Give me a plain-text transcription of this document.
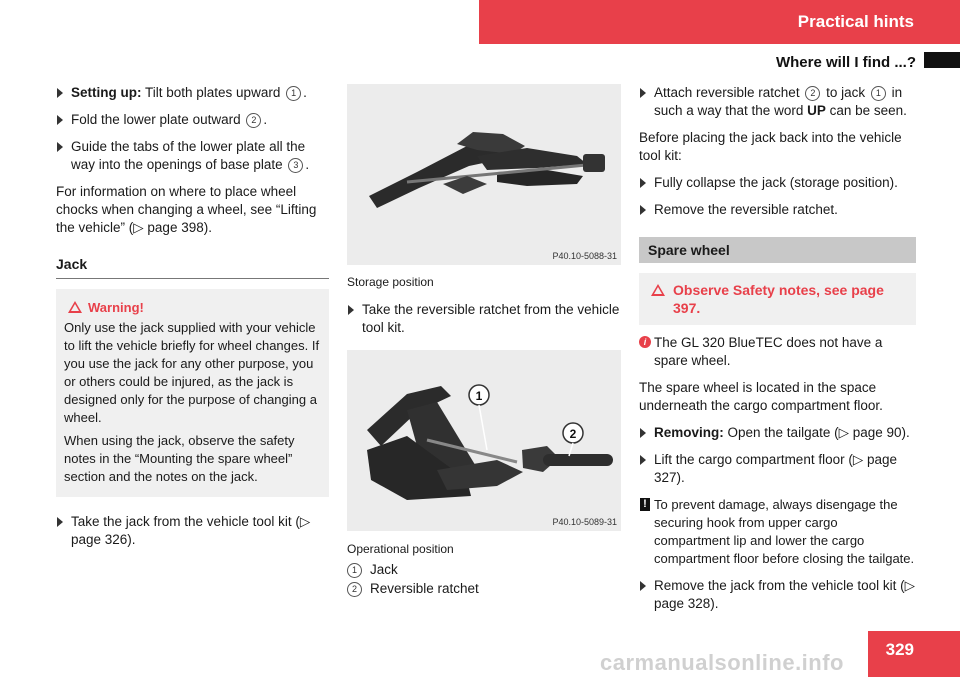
Practical hints
Where will I find ...?
Setting up: Tilt both plates upward 1 .
Fold the lower plate outward 2 .
Guide the tabs of the lower plate all the way into the openings of base plate 3 .

For information on where to place wheel chocks when changing a wheel, see “Lifting the vehicle” (▷ page 398).

Jack
Warning!

Only use the jack supplied with your vehicle to lift the vehicle briefly for wheel changes. If you use the jack for any other purpose, you or others could be injured, as the jack is designed only for the purpose of changing a wheel.

When using the jack, observe the safety notes in the “Mounting the spare wheel” section and the notes on the jack.

Take the jack from the vehicle tool kit (▷ page 326).
P40.10-5088-31
Storage position
Take the reversible ratchet from the vehicle tool kit.
1
2
P40.10-5089-31
Operational position
1 Jack
2 Reversible ratchet
Attach reversible ratchet 2 to jack 1 in such a way that the word UP can be seen.

Before placing the jack back into the vehicle tool kit:

Fully collapse the jack (storage position).
Remove the reversible ratchet.
Spare wheel
Observe Safety notes, see page 397.
i The GL 320 BlueTEC does not have a spare wheel.

The spare wheel is located in the space underneath the cargo compartment floor.

Removing: Open the tailgate (▷ page 90).
Lift the cargo compartment floor (▷ page 327).
! To prevent damage, always disengage the securing hook from upper cargo compartment lip and lower the cargo compartment floor before closing the tailgate.
Remove the jack from the vehicle tool kit (▷ page 328).
329
carmanualsonline.info
